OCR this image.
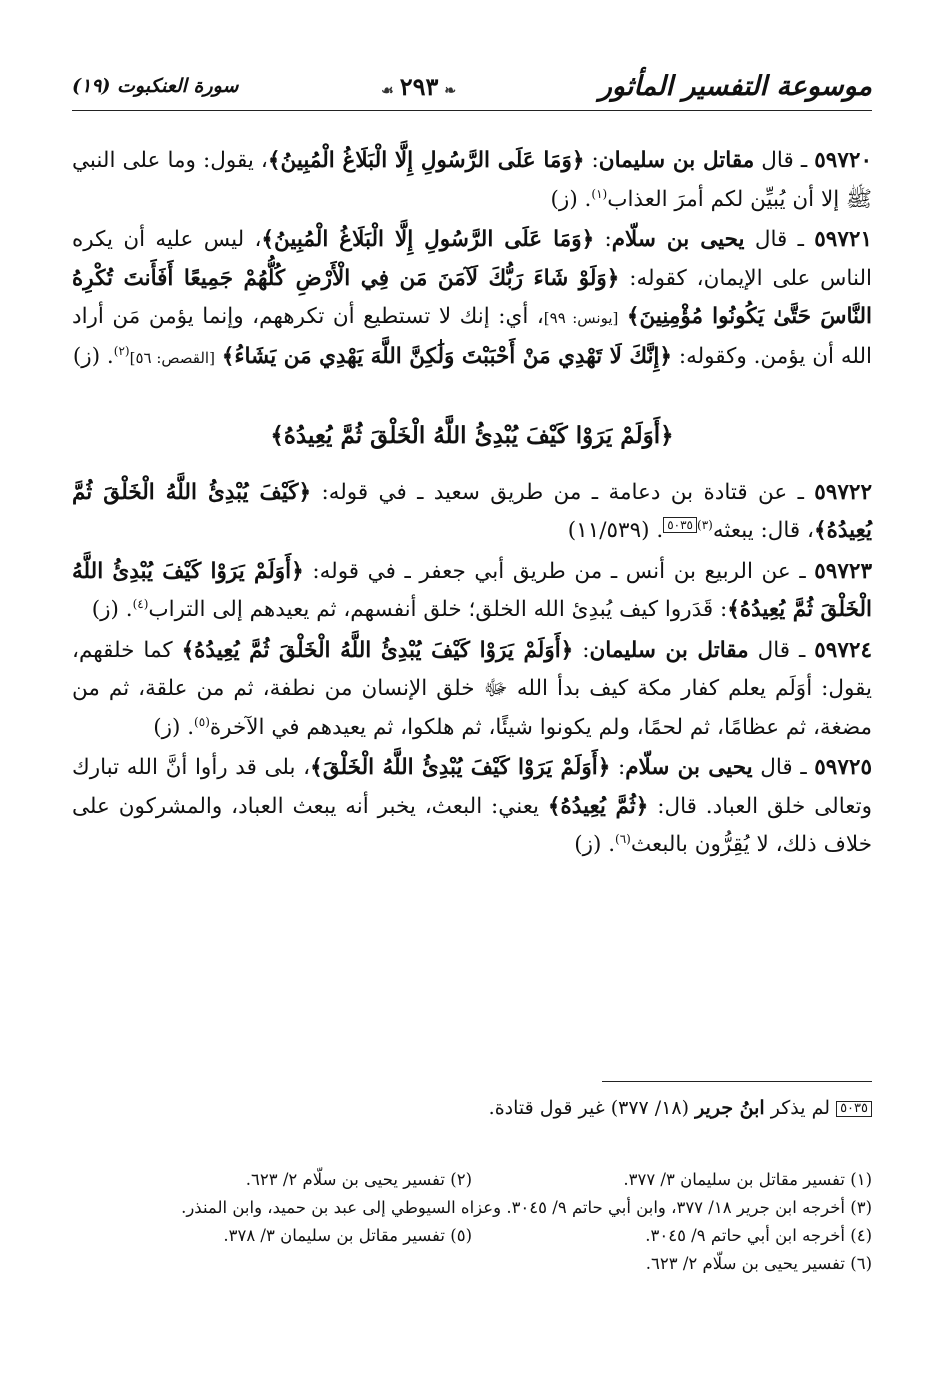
موسوعة التفسير المأثور
❧٢٩٣☙
سورة العنكبوت (١٩)

٥٩٧٢٠ ـ قال مقاتل بن سليمان: ﴿وَمَا عَلَى الرَّسُولِ إِلَّا الْبَلَاغُ الْمُبِينُ﴾، يقول: وما على النبي ﷺ إلا أن يُبيِّن لكم أمرَ العذاب$^{(١)}$. (ز)

٥٩٧٢١ ـ قال يحيى بن سلّام: ﴿وَمَا عَلَى الرَّسُولِ إِلَّا الْبَلَاغُ الْمُبِينُ﴾، ليس عليه أن يكره الناس على الإيمان، كقوله: ﴿وَلَوْ شَاءَ رَبُّكَ لَآمَنَ مَن فِي الْأَرْضِ كُلُّهُمْ جَمِيعًا أَفَأَنتَ تُكْرِهُ النَّاسَ حَتَّىٰ يَكُونُوا مُؤْمِنِينَ﴾ [يونس: ٩٩]، أي: إنك لا تستطيع أن تكرههم، وإنما يؤمن مَن أراد الله أن يؤمن. وكقوله: ﴿إِنَّكَ لَا تَهْدِي مَنْ أَحْبَبْتَ وَلَٰكِنَّ اللَّهَ يَهْدِي مَن يَشَاءُ﴾ [القصص: ٥٦]$^{(٢)}$. (ز)

﴿أَوَلَمْ يَرَوْا كَيْفَ يُبْدِئُ اللَّهُ الْخَلْقَ ثُمَّ يُعِيدُهُ﴾

٥٩٧٢٢ ـ عن قتادة بن دعامة ـ من طريق سعيد ـ في قوله: ﴿كَيْفَ يُبْدِئُ اللَّهُ الْخَلْقَ ثُمَّ يُعِيدُهُ﴾، قال: يبعثه$^{(٣)}$٥٠٣٥. (١١/٥٣٩)

٥٩٧٢٣ ـ عن الربيع بن أنس ـ من طريق أبي جعفر ـ في قوله: ﴿أَوَلَمْ يَرَوْا كَيْفَ يُبْدِئُ اللَّهُ الْخَلْقَ ثُمَّ يُعِيدُهُ﴾: قَدَروا كيف يُبدِئ الله الخلق؛ خلق أنفسهم، ثم يعيدهم إلى التراب$^{(٤)}$. (ز)

٥٩٧٢٤ ـ قال مقاتل بن سليمان: ﴿أَوَلَمْ يَرَوْا كَيْفَ يُبْدِئُ اللَّهُ الْخَلْقَ ثُمَّ يُعِيدُهُ﴾ كما خلقهم، يقول: أوَلَم يعلم كفار مكة كيف بدأ الله ﷻ خلق الإنسان من نطفة، ثم من علقة، ثم من مضغة، ثم عظامًا، ثم لحمًا، ولم يكونوا شيئًا، ثم هلكوا، ثم يعيدهم في الآخرة$^{(٥)}$. (ز)

٥٩٧٢٥ ـ قال يحيى بن سلّام: ﴿أَوَلَمْ يَرَوْا كَيْفَ يُبْدِئُ اللَّهُ الْخَلْقَ﴾، بلى قد رأوا أنَّ الله تبارك وتعالى خلق العباد. قال: ﴿ثُمَّ يُعِيدُهُ﴾ يعني: البعث، يخبر أنه يبعث العباد، والمشركون على خلاف ذلك، لا يُقِرُّون بالبعث$^{(٦)}$. (ز)

٥٠٣٥ لم يذكر ابنُ جرير (١٨/ ٣٧٧) غير قول قتادة.
(١) تفسير مقاتل بن سليمان ٣/ ٣٧٧.
(٢) تفسير يحيى بن سلّام ٢/ ٦٢٣.
(٣) أخرجه ابن جرير ١٨/ ٣٧٧، وابن أبي حاتم ٩/ ٣٠٤٥. وعزاه السيوطي إلى عبد بن حميد، وابن المنذر.
(٤) أخرجه ابن أبي حاتم ٩/ ٣٠٤٥.
(٥) تفسير مقاتل بن سليمان ٣/ ٣٧٨.
(٦) تفسير يحيى بن سلّام ٢/ ٦٢٣.
